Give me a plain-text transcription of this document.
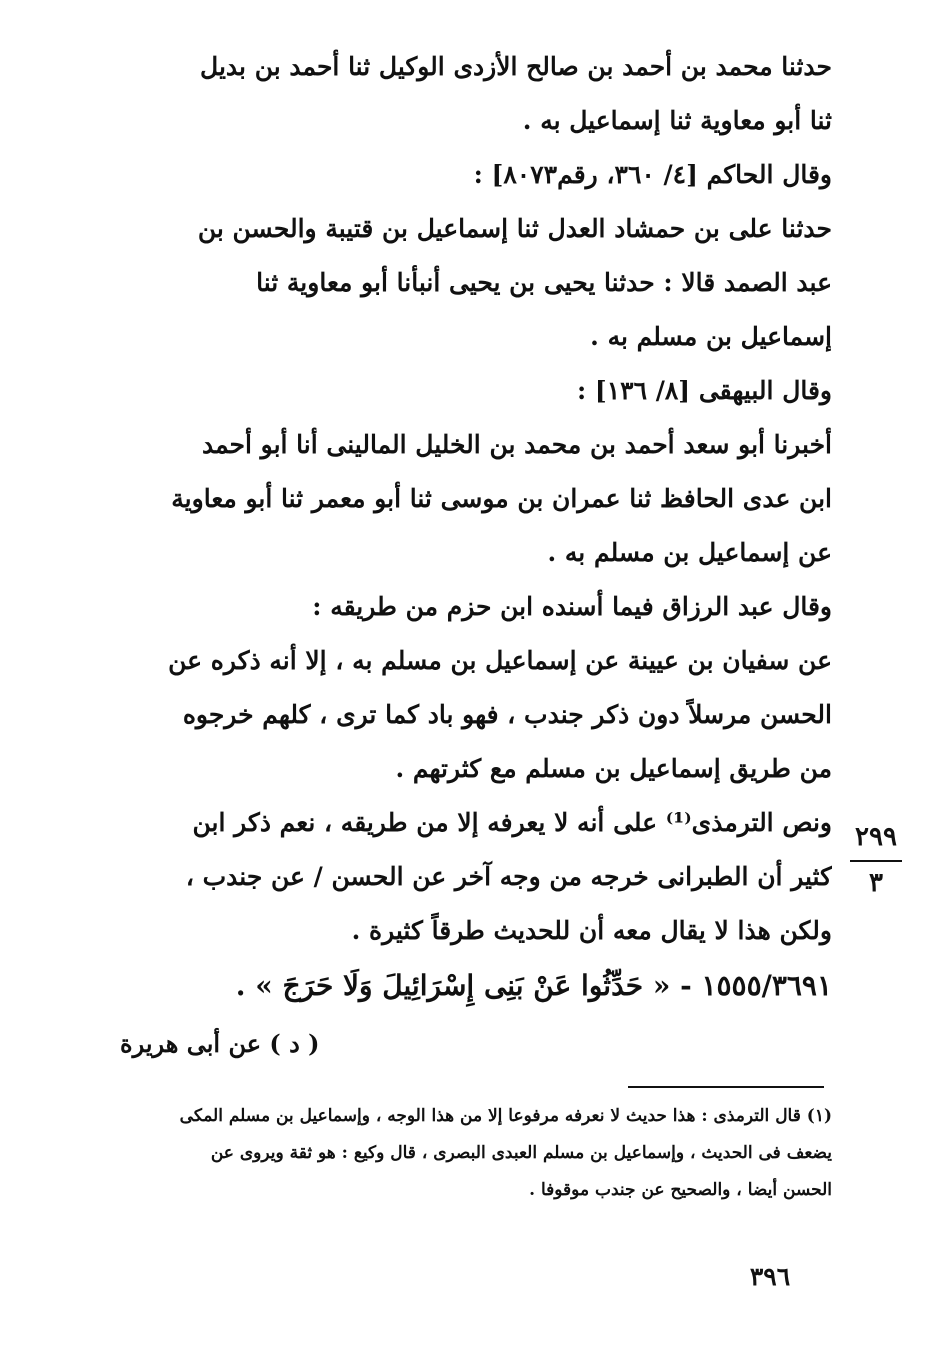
حدثنا محمد بن أحمد بن صالح الأزدى الوكيل ثنا أحمد بن بديل
ثنا أبو معاوية ثنا إسماعيل به .

وقال الحاكم [٤/ ٣٦٠، رقم٨٠٧٣] :

حدثنا على بن حمشاد العدل ثنا إسماعيل بن قتيبة والحسن بن
عبد الصمد قالا : حدثنا يحيى بن يحيى أنبأنا أبو معاوية ثنا
إسماعيل بن مسلم به .

وقال البيهقى [٨/ ١٣٦] :

أخبرنا أبو سعد أحمد بن محمد بن الخليل المالينى أنا أبو أحمد
ابن عدى الحافظ ثنا عمران بن موسى ثنا أبو معمر ثنا أبو معاوية
عن إسماعيل بن مسلم به .

وقال عبد الرزاق فيما أسنده ابن حزم من طريقه :

عن سفيان بن عيينة عن إسماعيل بن مسلم به ، إلا أنه ذكره عن
الحسن مرسلاً دون ذكر جندب ، فهو باد كما ترى ، كلهم خرجوه
من طريق إسماعيل بن مسلم مع كثرتهم .

ونص الترمذى⁽¹⁾ على أنه لا يعرفه إلا من طريقه ، نعم ذكر ابن
كثير أن الطبرانى خرجه من وجه آخر عن الحسن / عن جندب ،
ولكن هذا لا يقال معه أن للحديث طرقاً كثيرة .

٢٩٩
٣
١٥٥٥/٣٦٩١ - « حَدِّثُوا عَنْ بَنِى إِسْرَائِيلَ وَلَا حَرَجَ » .
( د ) عن أبى هريرة
(١) قال الترمذى : هذا حديث لا نعرفه مرفوعا إلا من هذا الوجه ، وإسماعيل بن مسلم المكى
يضعف فى الحديث ، وإسماعيل بن مسلم العبدى البصرى ، قال وكيع : هو ثقة ويروى عن
الحسن أيضا ، والصحيح عن جندب موقوفا .
٣٩٦
